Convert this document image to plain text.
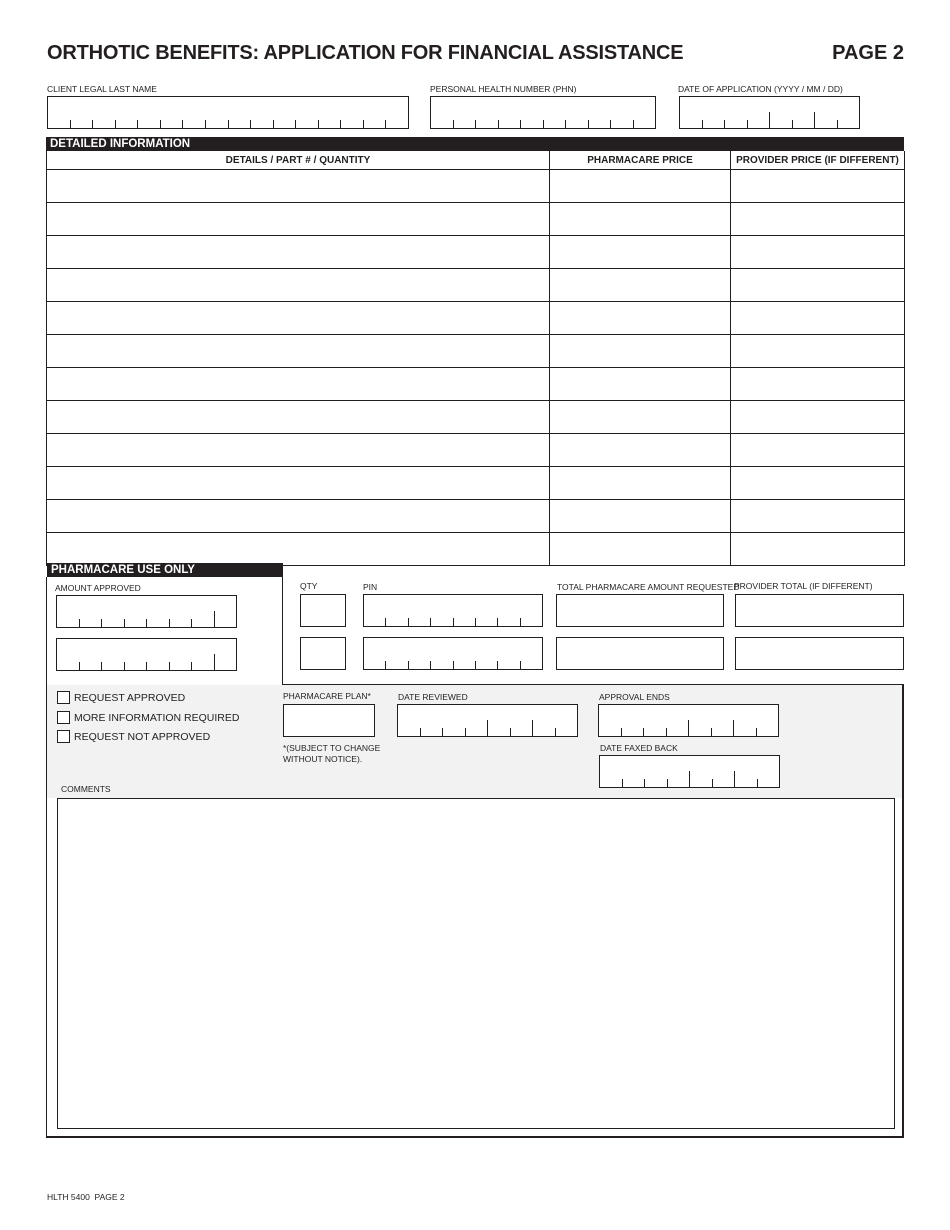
ORTHOTIC BENEFITS: APPLICATION FOR FINANCIAL ASSISTANCE	PAGE 2
CLIENT LEGAL LAST NAME	PERSONAL HEALTH NUMBER (PHN)	DATE OF APPLICATION (YYYY / MM / DD)
DETAILED INFORMATION
DETAILS / PART # / QUANTITY	PHARMACARE PRICE	PROVIDER PRICE (IF DIFFERENT)

PHARMACARE USE ONLY
AMOUNT APPROVED	QTY	PIN	TOTAL PHARMACARE AMOUNT REQUESTED
PROVIDER TOTAL (IF DIFFERENT)
REQUEST APPROVED
MORE INFORMATION REQUIRED
REQUEST NOT APPROVED
PHARMACARE PLAN*
*(SUBJECT TO CHANGE
WITHOUT NOTICE).
DATE REVIEWED	APPROVAL ENDS
DATE FAXED BACK
COMMENTS
HLTH 5400  PAGE 2
